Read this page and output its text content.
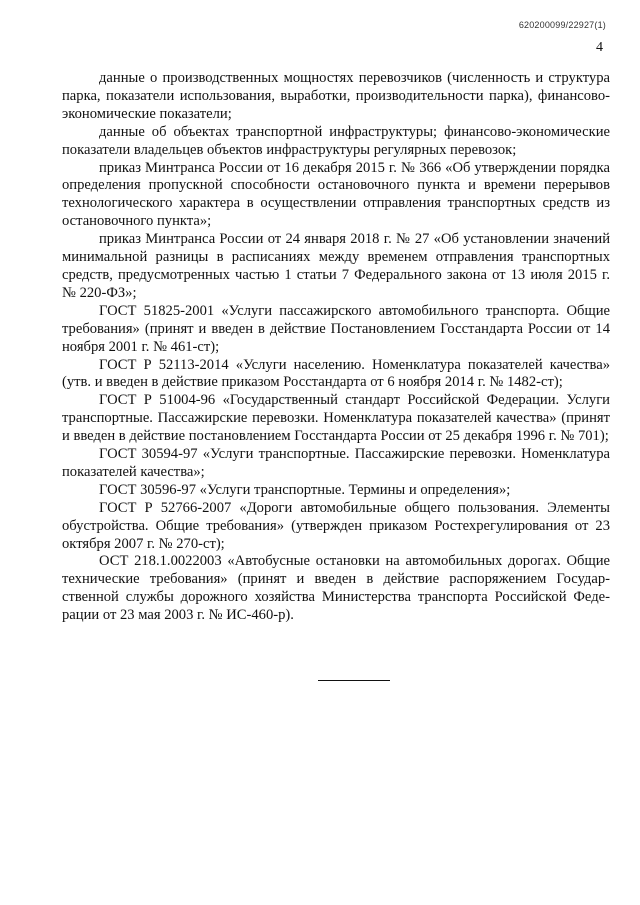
620200099/22927(1)
4

данные о производственных мощностях перевозчиков (численность и структура парка, показатели использования, выработки, производительности парка), финансово-экономические показатели;

данные об объектах транспортной инфраструктуры; финансово-экономические показатели владельцев объектов инфраструктуры регулярных перевозок;

приказ Минтранса России от 16 декабря 2015 г. № 366 «Об утверждении порядка определения пропускной способности остановочного пункта и времени перерывов технологического характера в осуществлении отправления транспортных средств из остановочного пункта»;

приказ Минтранса России от 24 января 2018 г. № 27 «Об установлении значений минимальной разницы в расписаниях между временем отправления транспортных средств, предусмотренных частью 1 статьи 7 Федерального закона от 13 июля 2015 г. № 220-ФЗ»;

ГОСТ 51825-2001 «Услуги пассажирского автомобильного транспорта. Общие требования» (принят и введен в действие Постановлением Госстандарта России от 14 ноября 2001 г. № 461-ст);

ГОСТ Р 52113-2014 «Услуги населению. Номенклатура показателей качества» (утв. и введен в действие приказом Росстандарта от 6 ноября 2014 г. № 1482-ст);

ГОСТ Р 51004-96 «Государственный стандарт Российской Федерации. Услуги транспортные. Пассажирские перевозки. Номенклатура показателей качества» (принят и введен в действие постановлением Госстандарта России от 25 декабря 1996 г. № 701);

ГОСТ 30594-97 «Услуги транспортные. Пассажирские перевозки. Номенклатура показателей качества»;

ГОСТ 30596-97 «Услуги транспортные. Термины и определения»;

ГОСТ Р 52766-2007 «Дороги автомобильные общего пользования. Элементы обустройства. Общие требования» (утвержден приказом Ростехрегулирования от 23 октября 2007 г. № 270-ст);

ОСТ 218.1.0022003 «Автобусные остановки на автомобильных дорогах. Общие технические требования» (принят и введен в действие распоряжением Государственной службы дорожного хозяйства Министерства транспорта Российской Федерации от 23 мая 2003 г. № ИС-460-р).
